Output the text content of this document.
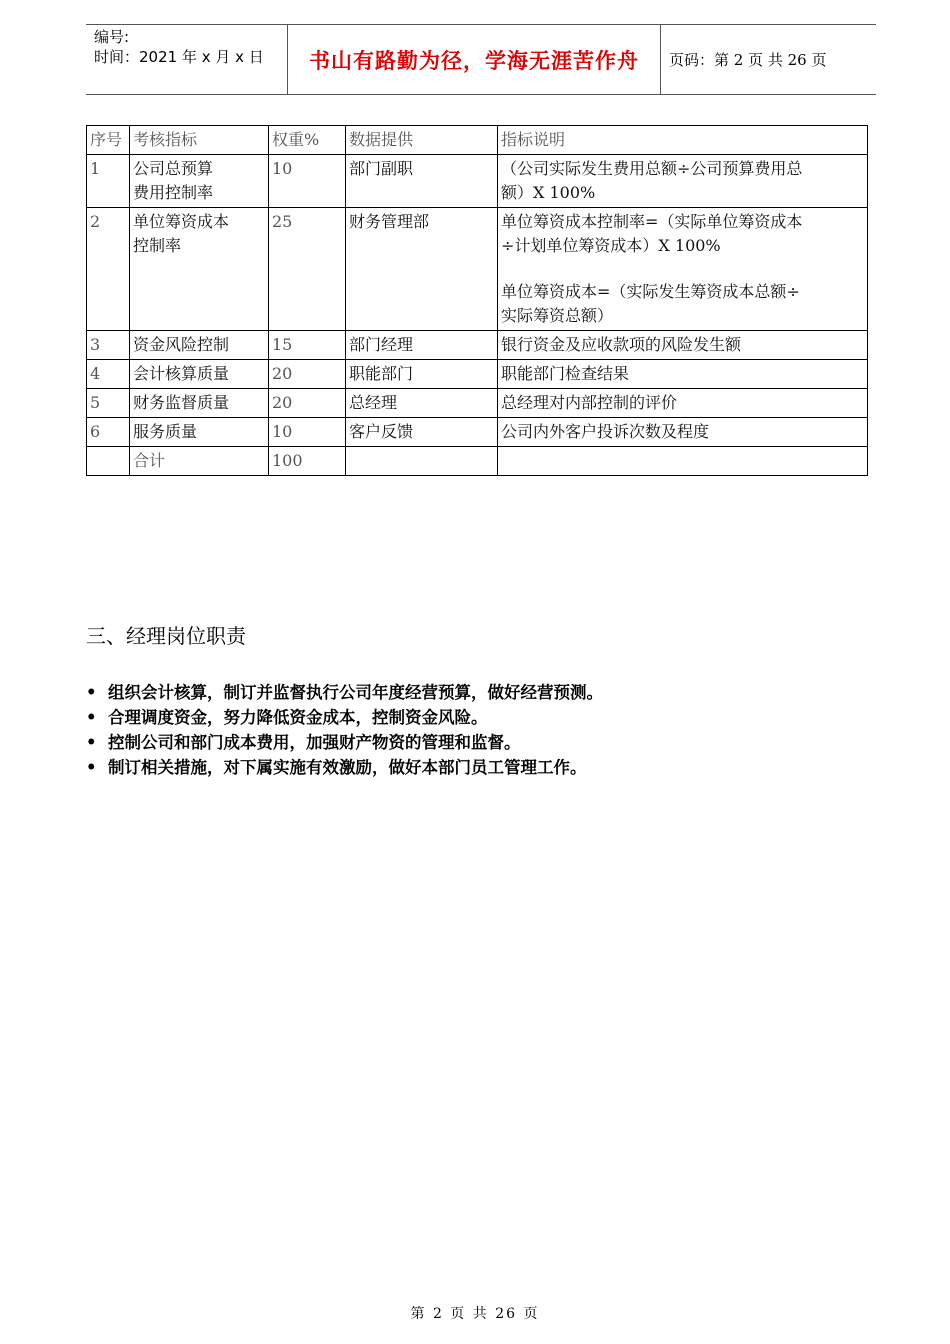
编号:
时间：2021 年 x 月 x 日	书山有路勤为径，学海无涯苦作舟	页码：第 2 页 共 26 页
序号	考核指标	权重%	数据提供	指标说明
1	公司总预算
费用控制率	10	部门副职	（公司实际发生费用总额÷公司预算费用总
额）X 100%

2	单位筹资成本
控制率	25	财务管理部	单位筹资成本控制率=（实际单位筹资成本
÷计划单位筹资成本）X 100%
单位筹资成本=（实际发生筹资成本总额÷
实际筹资总额）

3	资金风险控制	15	部门经理	银行资金及应收款项的风险发生额
4	会计核算质量	20	职能部门	职能部门检查结果
5	财务监督质量	20	总经理	总经理对内部控制的评价
6	服务质量	10	客户反馈	公司内外客户投诉次数及程度
	合计	100		
三、经理岗位职责
• 组织会计核算，制订并监督执行公司年度经营预算，做好经营预测。
• 合理调度资金，努力降低资金成本，控制资金风险。
• 控制公司和部门成本费用，加强财产物资的管理和监督。
• 制订相关措施，对下属实施有效激励，做好本部门员工管理工作。
第 2 页 共 26 页
